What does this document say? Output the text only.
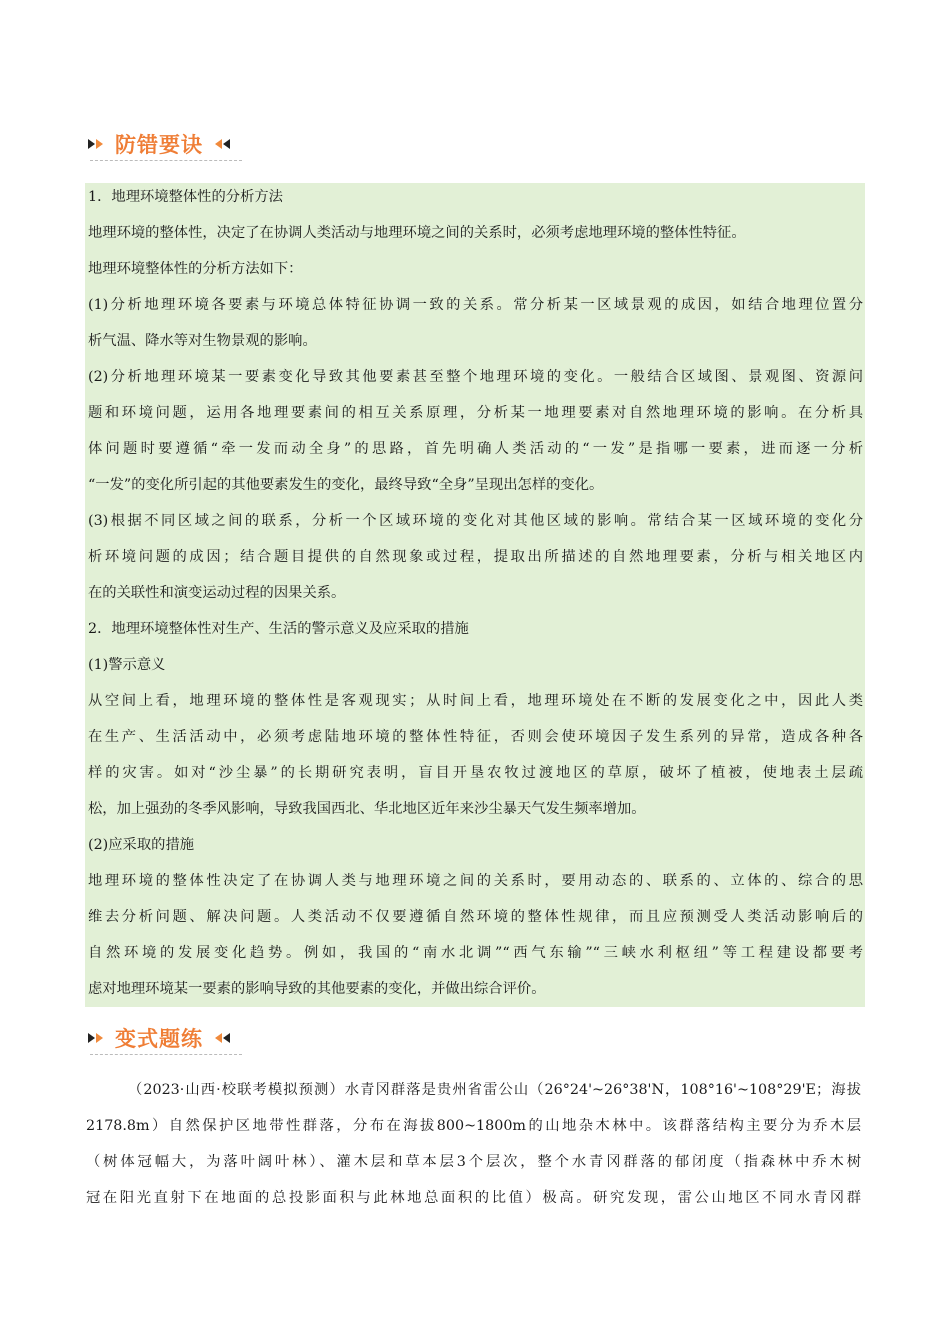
防错要诀

1．地理环境整体性的分析方法

地理环境的整体性，决定了在协调人类活动与地理环境之间的关系时，必须考虑地理环境的整体性特征。

地理环境整体性的分析方法如下：

(1)分析地理环境各要素与环境总体特征协调一致的关系。常分析某一区域景观的成因，如结合地理位置分

析气温、降水等对生物景观的影响。

(2)分析地理环境某一要素变化导致其他要素甚至整个地理环境的变化。一般结合区域图、景观图、资源问

题和环境问题，运用各地理要素间的相互关系原理，分析某一地理要素对自然地理环境的影响。在分析具

体问题时要遵循“牵一发而动全身”的思路，首先明确人类活动的“一发”是指哪一要素，进而逐一分析

“一发”的变化所引起的其他要素发生的变化，最终导致“全身”呈现出怎样的变化。

(3)根据不同区域之间的联系，分析一个区域环境的变化对其他区域的影响。常结合某一区域环境的变化分

析环境问题的成因；结合题目提供的自然现象或过程，提取出所描述的自然地理要素，分析与相关地区内

在的关联性和演变运动过程的因果关系。

2．地理环境整体性对生产、生活的警示意义及应采取的措施

(1)警示意义

从空间上看，地理环境的整体性是客观现实；从时间上看，地理环境处在不断的发展变化之中，因此人类

在生产、生活活动中，必须考虑陆地环境的整体性特征，否则会使环境因子发生系列的异常，造成各种各

样的灾害。如对“沙尘暴”的长期研究表明，盲目开垦农牧过渡地区的草原，破坏了植被，使地表土层疏

松，加上强劲的冬季风影响，导致我国西北、华北地区近年来沙尘暴天气发生频率增加。

(2)应采取的措施

地理环境的整体性决定了在协调人类与地理环境之间的关系时，要用动态的、联系的、立体的、综合的思

维去分析问题、解决问题。人类活动不仅要遵循自然环境的整体性规律，而且应预测受人类活动影响后的

自然环境的发展变化趋势。例如，我国的“南水北调”“西气东输”“三峡水利枢纽”等工程建设都要考

虑对地理环境某一要素的影响导致的其他要素的变化，并做出综合评价。

变式题练

（2023·山西·校联考模拟预测）水青冈群落是贵州省雷公山（26°24'~26°38'N，108°16'~108°29'E；海拔

2178.8m）自然保护区地带性群落，分布在海拔800~1800m的山地杂木林中。该群落结构主要分为乔木层

（树体冠幅大，为落叶阔叶林）、灌木层和草本层3个层次，整个水青冈群落的郁闭度（指森林中乔木树

冠在阳光直射下在地面的总投影面积与此林地总面积的比值）极高。研究发现，雷公山地区不同水青冈群
